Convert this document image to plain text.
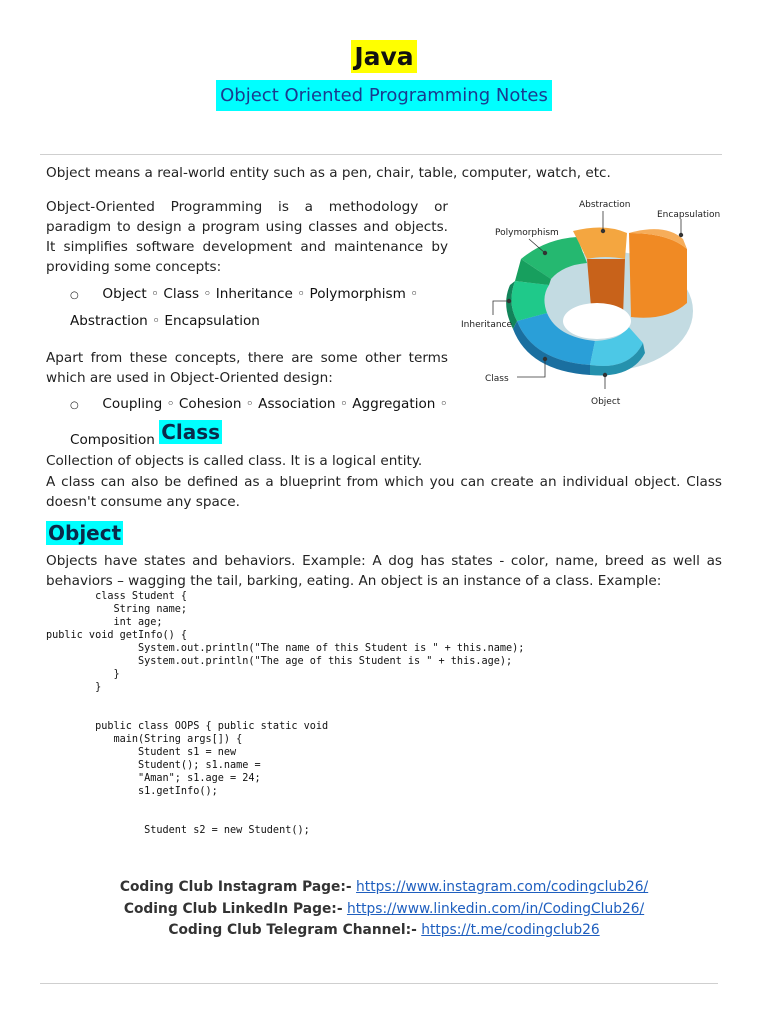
Java
Object Oriented Programming Notes
Object means a real-world entity such as a pen, chair, table, computer, watch, etc.
Object-Oriented Programming is a methodology or paradigm to design a program using classes and objects. It simplifies software development and maintenance by providing some concepts:
○ Object ◦ Class ◦ Inheritance ◦ Polymorphism ◦
Abstraction ◦ Encapsulation
Apart from these concepts, there are some other terms which are used in Object-Oriented design:
○ Coupling ◦ Cohesion ◦ Association ◦ Aggregation ◦
Composition Class
Collection of objects is called class. It is a logical entity.
A class can also be defined as a blueprint from which you can create an individual object. Class doesn't consume any space.
Object
Objects have states and behaviors. Example: A dog has states - color, name, breed as well as behaviors – wagging the tail, barking, eating. An object is an instance of a class. Example:
class Student {
String name;
int age;
public void getInfo() {
System.out.println("The name of this Student is " + this.name);
System.out.println("The age of this Student is " + this.age);
}
}

public class OOPS { public static void
main(String args[]) {
Student s1 = new
Student(); s1.name =
"Aman"; s1.age = 24;
s1.getInfo();

Student s2 = new Student();
Coding Club Instagram Page:- https://www.instagram.com/codingclub26/
Coding Club LinkedIn Page:- https://www.linkedin.com/in/CodingClub26/
Coding Club Telegram Channel:- https://t.me/codingclub26
Abstraction
Encapsulation
Polymorphism
Inheritance
Class
Object
